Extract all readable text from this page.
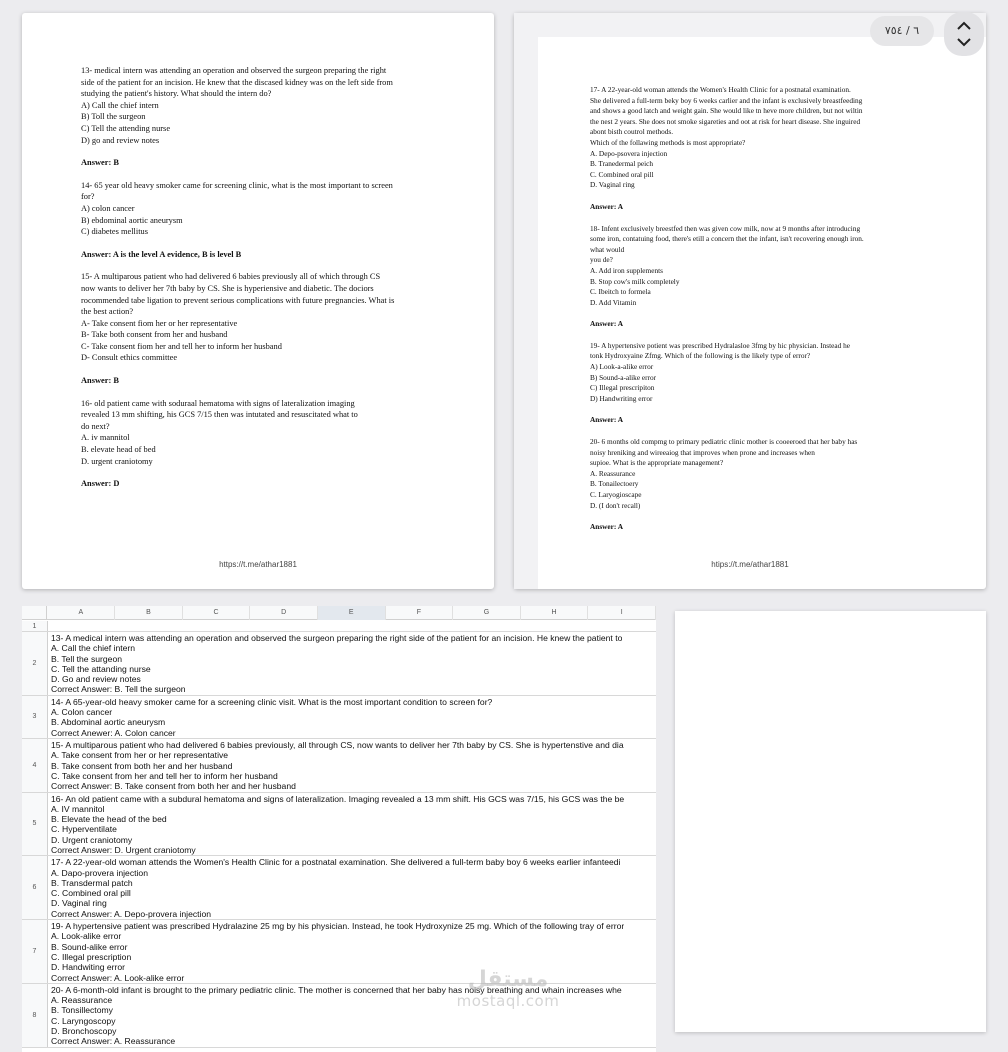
13- medical intern was attending an operation and observed the surgeon preparing the right
side of the patient for an incision. He knew that the discased kidney was on the left side from
studying the patient's history. What should the intern do?
A) Call the chief intern
B) Toll the surgeon
C) Tell the attending nurse
D) go and review notes
Answer: B
14- 65 year old heavy smoker came for screening clinic, what is the most important to screen
for?
A) colon cancer
B) ebdominal aortic aneurysm
C) diabetes mellitus
Answer: A is the level A evidence, B is level B
15- A multiparous patient who had delivered 6 babies previously all of which through CS
now wants to deliver her 7th baby by CS. She is hyperiensive and diabetic. The dociors
rocommended tabe ligation to prevent serious complications with future pregnancies. What is
the best action?
A- Take consent fiom her or her representative
B- Take both consent from her and husband
C- Take consent fiom her and tell her to inform her husband
D- Consult ethics committee
Answer: B
16- old patient came with soduraal hematoma with signs of lateralization imaging
revealed 13 mm shifting, his GCS 7/15 then was intutated and resuscitated what to
do next?
A. iv mannitol
B. elevate head of bed
D. urgent craniotomy
Answer: D
https://t.me/athar1881
17- A 22-year-old woman attends the Women's Health Clinic for a postnatal examination.
She delivered a full-term beky boy 6 weeks carlier and the infant is exclusively breastfeeding
and shows a good latch and weight gain. She would like tn heve more children, but not wiltin
the nest 2 years. She does not smoke sigareties and oot at risk for heart disease. She inguired
abont bisth coutrol methods.
Which of the follawing methods is most appropriate?
A. Depo-psovera injection
B. Tranedermal peich
C. Combined oral pill
D. Vaginal ring
Answer: A
18- Infent exclusively breestfed then was given cow milk, now at 9 months after introducing
some iron, contatuing food, there's etill a concern thet the infant, isn't recovering enough iron.
what would
you de?
A. Add iron supplements
B. Stop cow's milk completely
C. Ibeitch to formela
D. Add Vitamin
Answer: A
19- A hypertensive potient was prescribed Hydralasloe 3fmg by hic physician. Instead he
tonk Hydroxyaine Zfmg. Which of the following is the likely type of error?
A) Look-a-alike error
B) Sound-a-alike error
C) Illegal prescripiton
D) Handwriting error
Answer: A
20- 6 months old compmg to primary pediatric clinic mother is cooeeroed that her baby has
noisy hreniking and wireeaiog that improves when prone and increases when
supioe. What is the appropriate management?
A. Reassurance
B. Tonailectoery
C. Laryogioscape
D. (I don't recall)
Answer: A
htips://t.me/athar1881
٦ / ٧٥٤
A	B	C	D	E	F	G	H	I
1
2
13- A medical intern was attending an operation and observed the surgeon preparing the right side of the patient for an incision. He knew the patient to
A. Call the chief intern
B. Tell the surgeon
C. Tell the attanding nurse
D. Go and review notes
Correct Answer: B. Tell the surgeon
3
14- A 65-year-old heavy smoker came for a screening clinic visit. What is the most important condition to screen for?
A. Colon cancer
B. Abdominal aortic aneurysm
Correct Anewer: A. Colon cancer
4
15- A multiparous patient who had delivered 6 babies previously, all through CS, now wants to deliver her 7th baby by CS. She is hypertenstive and dia
A. Take consent from her or her representative
B. Take consent from both her and her husband
C. Take consent from her and tell her to inform her husband
Correct Answer: B. Take consent from both her and her husband
5
16- An old patient came with a subdural hematoma and signs of lateralization. Imaging revealed a 13 mm shift. His GCS was 7/15, his GCS was the be
A. IV mannitol
B. Elevate the head of the bed
C. Hyperventilate
D. Urgent craniotomy
Correct Answer: D. Urgent craniotomy
6
17- A 22-year-old woman attends the Women's Health Clinic for a postnatal examination. She delivered a full-term baby boy 6 weeks earlier infanteedi
A. Dapo-provera injection
B. Transdermal patch
C. Combined oral pill
D. Vaginal ring
Correct Answer: A. Depo-provera injection
7
19- A hypertensive patient was prescribed Hydralazine 25 mg by his physician. Instead, he took Hydroxynize 25 mg. Which of the following tray of error
A. Look-alike error
B. Sound-alike error
C. Illegal prescription
D. Handwiting error
Correct Answer: A. Look-alike error
8
20- A 6-month-old infant is brought to the primary pediatric clinic. The mother is concerned that her baby has noisy breathing and whain increases whe
A. Reassurance
B. Tonsillectomy
C. Laryngoscopy
D. Bronchoscopy
Correct Answer: A. Reassurance
مستقل
mostaql.com
